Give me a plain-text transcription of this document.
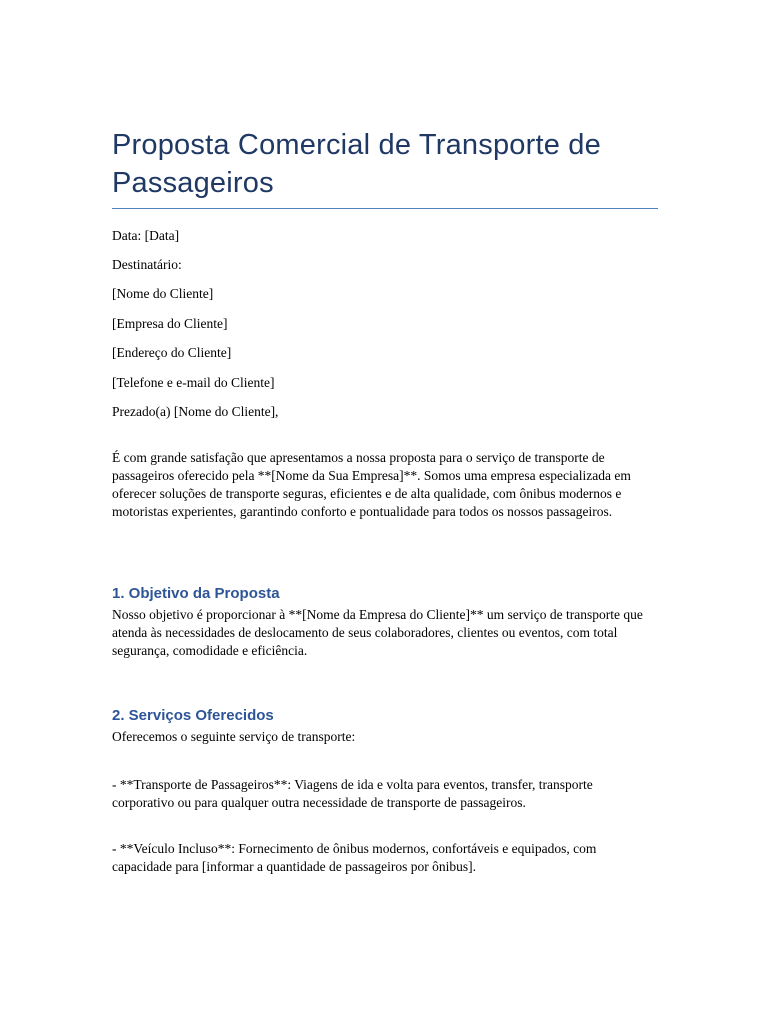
Proposta Comercial de Transporte de Passageiros

Data: [Data]

Destinatário:

[Nome do Cliente]

[Empresa do Cliente]

[Endereço do Cliente]

[Telefone e e-mail do Cliente]

Prezado(a) [Nome do Cliente],

É com grande satisfação que apresentamos a nossa proposta para o serviço de transporte de passageiros oferecido pela **[Nome da Sua Empresa]**. Somos uma empresa especializada em oferecer soluções de transporte seguras, eficientes e de alta qualidade, com ônibus modernos e motoristas experientes, garantindo conforto e pontualidade para todos os nossos passageiros.

1. Objetivo da Proposta

Nosso objetivo é proporcionar à **[Nome da Empresa do Cliente]** um serviço de transporte que atenda às necessidades de deslocamento de seus colaboradores, clientes ou eventos, com total segurança, comodidade e eficiência.

2. Serviços Oferecidos

Oferecemos o seguinte serviço de transporte:

- **Transporte de Passageiros**: Viagens de ida e volta para eventos, transfer, transporte corporativo ou para qualquer outra necessidade de transporte de passageiros.

- **Veículo Incluso**: Fornecimento de ônibus modernos, confortáveis e equipados, com capacidade para [informar a quantidade de passageiros por ônibus].
